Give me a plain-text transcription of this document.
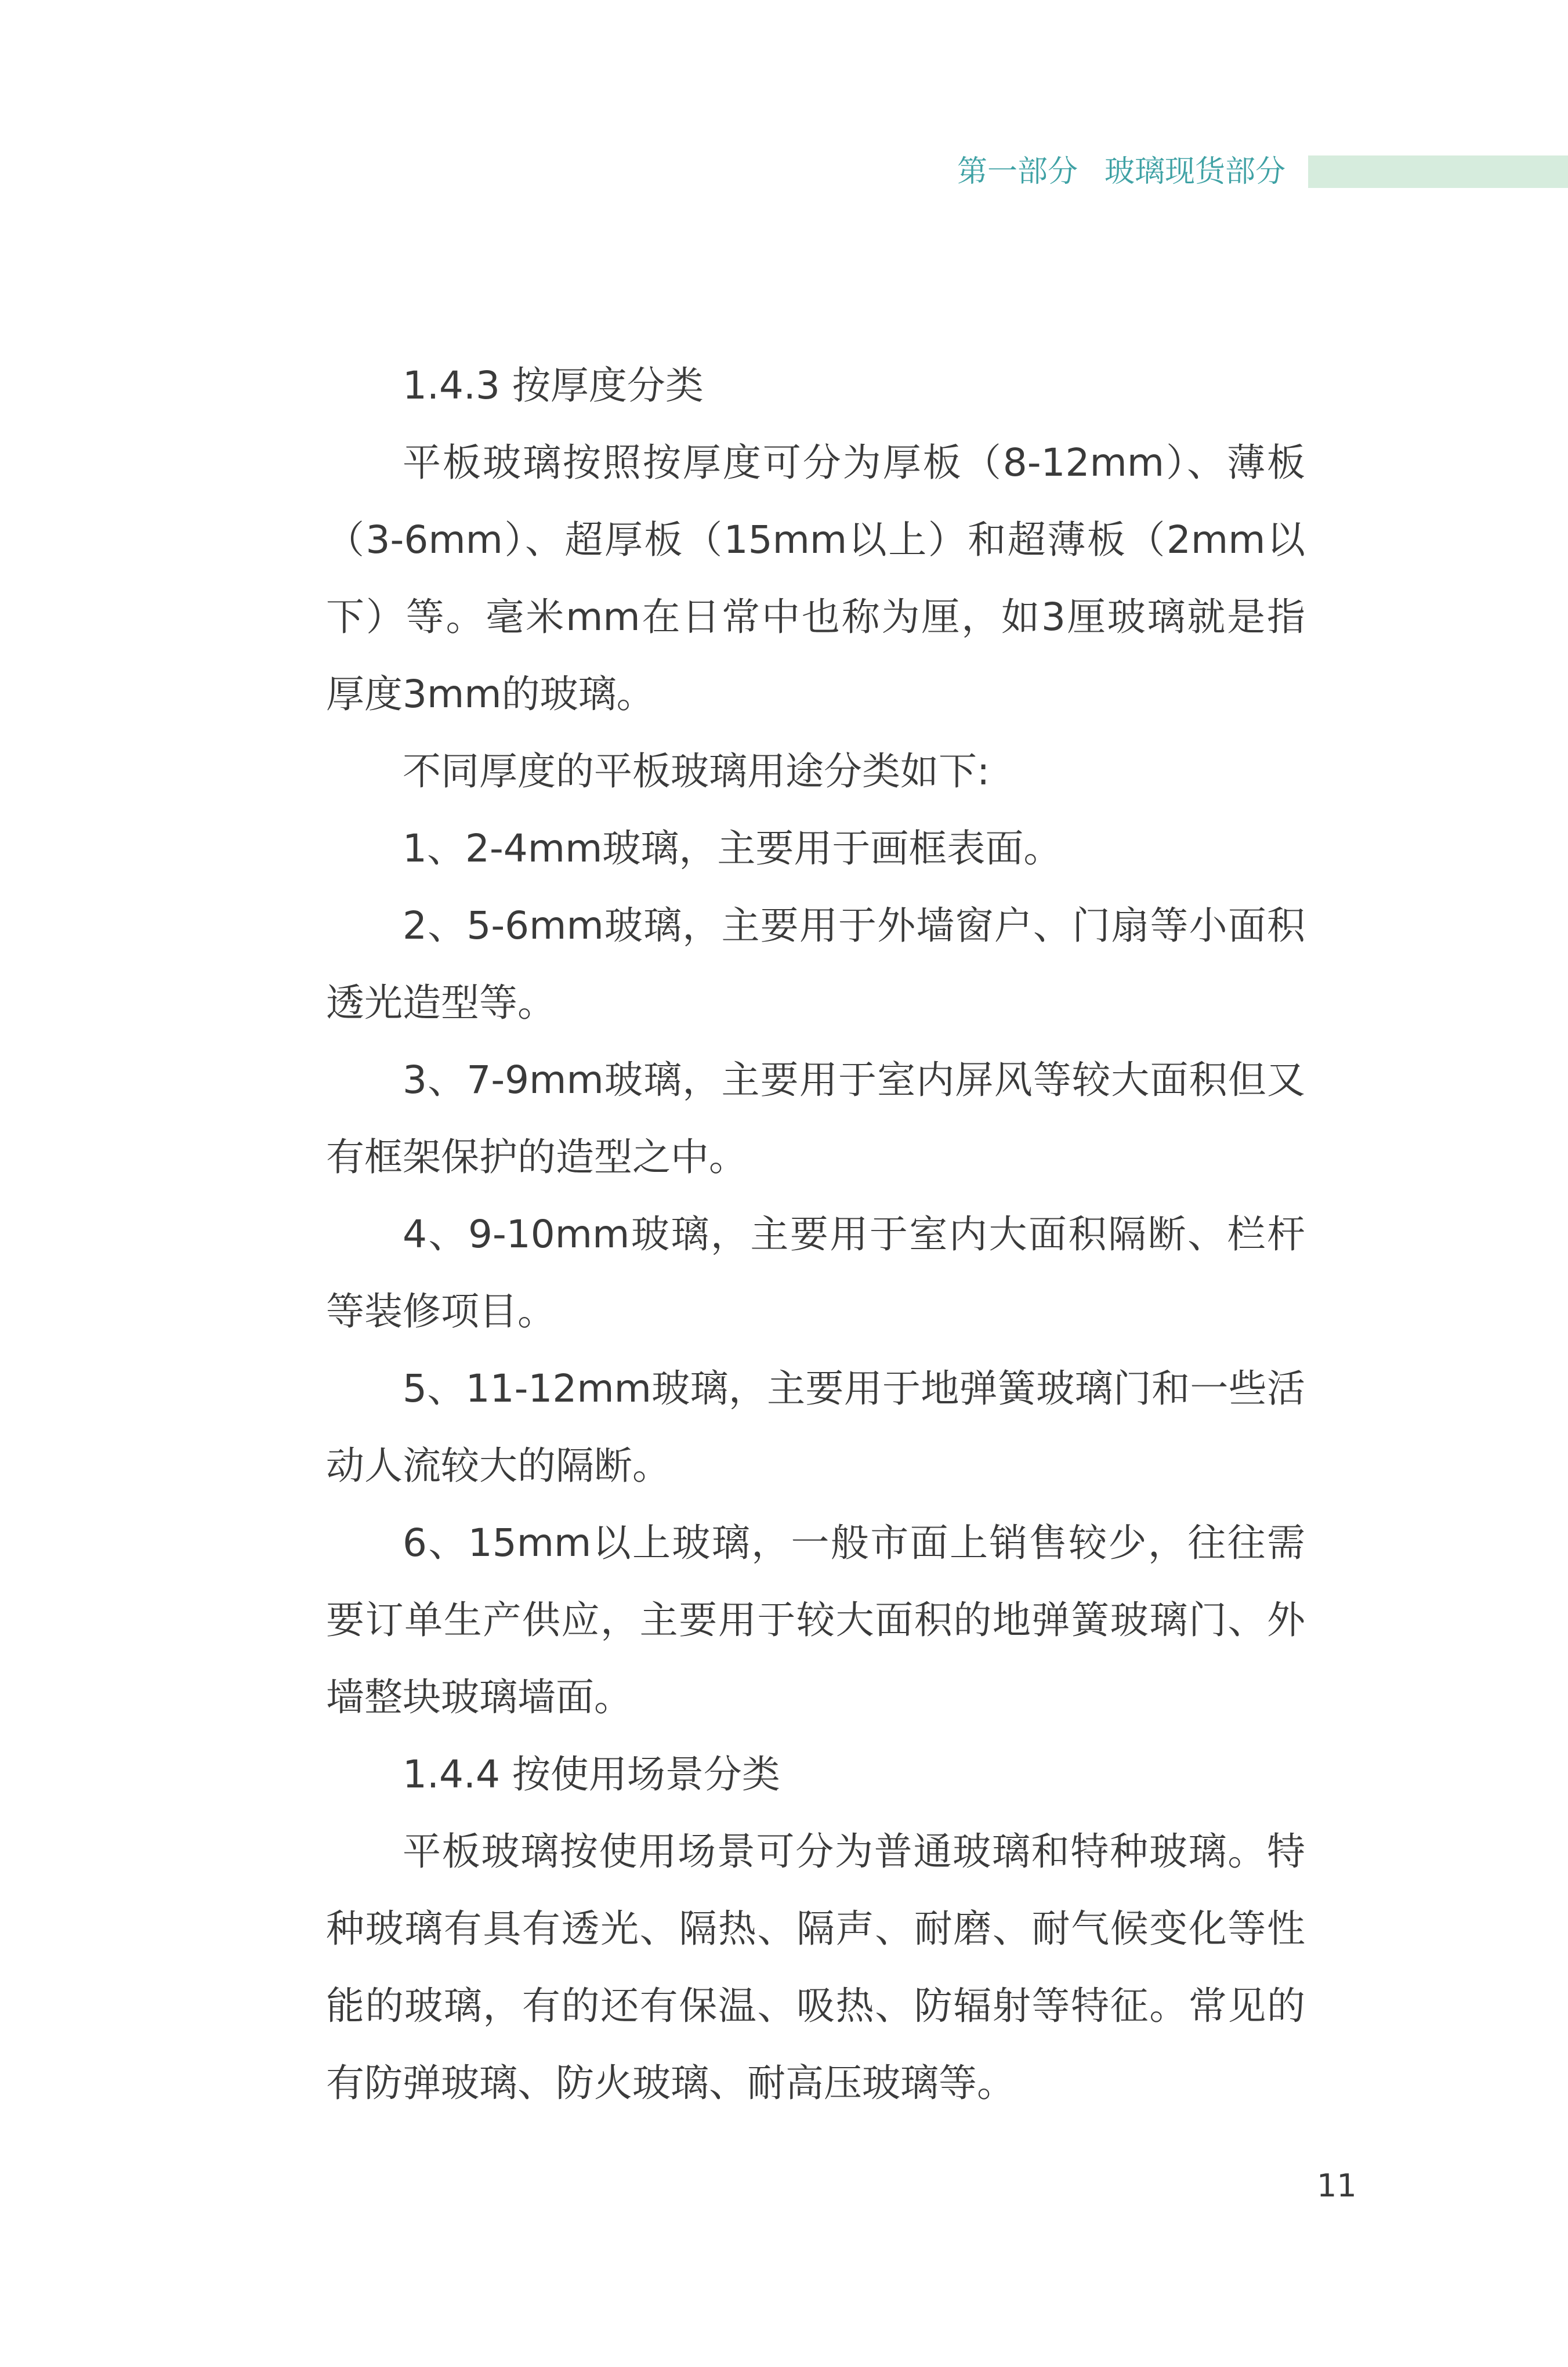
第一部分 玻璃现货部分

1.4.3 按厚度分类

平板玻璃按照按厚度可分为厚板（8-12mm）、薄板（3-6mm）、超厚板（15mm以上）和超薄板（2mm以下）等。毫米mm在日常中也称为厘，如3厘玻璃就是指厚度3mm的玻璃。

不同厚度的平板玻璃用途分类如下:

1、2-4mm玻璃，主要用于画框表面。

2、5-6mm玻璃，主要用于外墙窗户、门扇等小面积透光造型等。

3、7-9mm玻璃，主要用于室内屏风等较大面积但又有框架保护的造型之中。

4、9-10mm玻璃，主要用于室内大面积隔断、栏杆等装修项目。

5、11-12mm玻璃，主要用于地弹簧玻璃门和一些活动人流较大的隔断。

6、15mm以上玻璃，一般市面上销售较少，往往需要订单生产供应，主要用于较大面积的地弹簧玻璃门、外墙整块玻璃墙面。

1.4.4 按使用场景分类

平板玻璃按使用场景可分为普通玻璃和特种玻璃。特种玻璃有具有透光、隔热、隔声、耐磨、耐气候变化等性能的玻璃，有的还有保温、吸热、防辐射等特征。常见的有防弹玻璃、防火玻璃、耐高压玻璃等。

11
